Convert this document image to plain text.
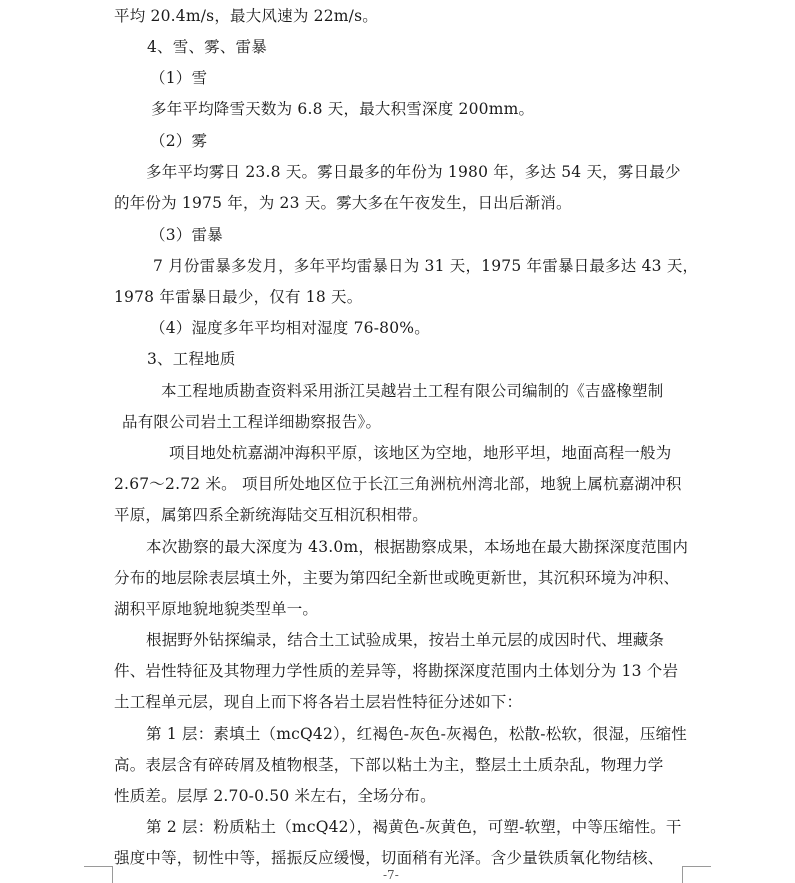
平均 20.4m/s，最大风速为 22m/s。
4、雪、雾、雷暴
（1）雪
多年平均降雪天数为 6.8 天，最大积雪深度 200mm。
（2）雾
多年平均雾日 23.8 天。雾日最多的年份为 1980 年，多达 54 天，雾日最少
的年份为 1975 年，为 23 天。雾大多在午夜发生，日出后渐消。
（3）雷暴
7 月份雷暴多发月，多年平均雷暴日为 31 天，1975 年雷暴日最多达 43 天，
1978 年雷暴日最少，仅有 18 天。
（4）湿度多年平均相对湿度 76-80%。
3、工程地质
本工程地质勘查资料采用浙江吴越岩土工程有限公司编制的《吉盛橡塑制
品有限公司岩土工程详细勘察报告》。
项目地处杭嘉湖冲海积平原，该地区为空地，地形平坦，地面高程一般为
2.67～2.72 米。 项目所处地区位于长江三角洲杭州湾北部，地貌上属杭嘉湖冲积
平原，属第四系全新统海陆交互相沉积相带。
本次勘察的最大深度为 43.0m，根据勘察成果，本场地在最大勘探深度范围内
分布的地层除表层填土外，主要为第四纪全新世或晚更新世，其沉积环境为冲积、
湖积平原地貌地貌类型单一。
根据野外钻探编录，结合土工试验成果，按岩土单元层的成因时代、埋藏条
件、岩性特征及其物理力学性质的差异等，将勘探深度范围内土体划分为 13 个岩
土工程单元层，现自上而下将各岩土层岩性特征分述如下：
第 1 层：素填土（mcQ42），红褐色-灰色-灰褐色，松散-松软，很湿，压缩性
高。表层含有碎砖屑及植物根茎，下部以粘土为主，整层土土质杂乱，物理力学
性质差。层厚 2.70-0.50 米左右，全场分布。
第 2 层：粉质粘土（mcQ42），褐黄色-灰黄色，可塑-软塑，中等压缩性。干
强度中等，韧性中等，摇振反应缓慢，切面稍有光泽。含少量铁质氧化物结核、
-7-
